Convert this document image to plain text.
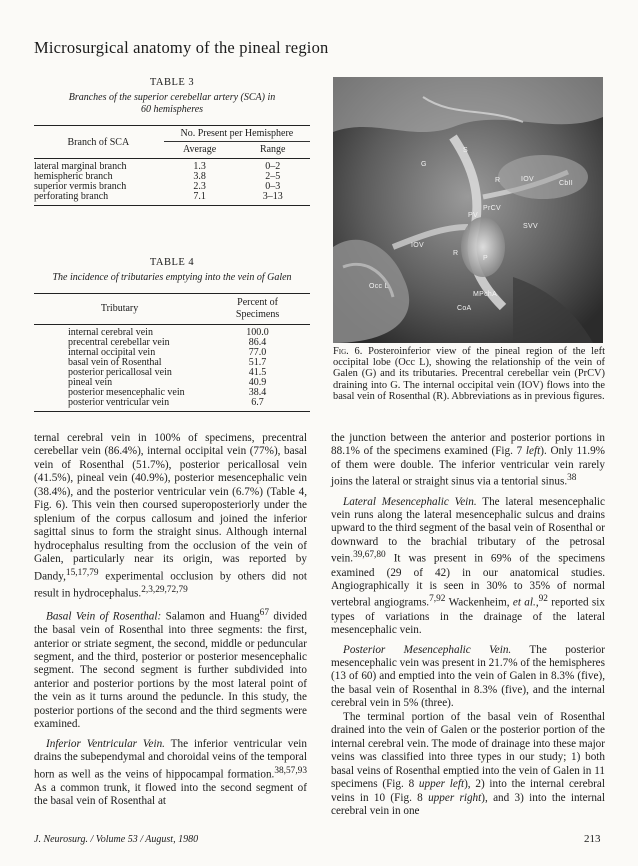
Microsurgical anatomy of the pineal region
TABLE 3
Branches of the superior cerebellar artery (SCA) in
60 hemispheres
Branch of SCA	No. Present per Hemisphere	
	Average	Range
lateral marginal branch	1.3	0–2
hemispheric branch	3.8	2–5
superior vermis branch	2.3	0–3
perforating branch	7.1	3–13
TABLE 4
The incidence of tributaries emptying into the vein of Galen
Tributary	Percent of
Specimens
internal cerebral vein	100.0
precentral cerebellar vein	86.4
internal occipital vein	77.0
basal vein of Rosenthal	51.7
posterior pericallosal vein	41.5
pineal vein	40.9
posterior mesencephalic vein	38.4
posterior ventricular vein	6.7
S
G
R	IOV
CbII
PrCV
PV
SVV
IOV
R
P
Occ L
MPchA
CoA
Fig. 6. Posteroinferior view of the pineal region of the left occipital lobe (Occ L), showing the relationship of the vein of Galen (G) and its tributaries. Precentral cerebellar vein (PrCV) draining into G. The internal occipital vein (IOV) flows into the basal vein of Rosenthal (R). Abbreviations as in previous figures.

ternal cerebral vein in 100% of specimens, precentral cerebellar vein (86.4%), internal occipital vein (77%), basal vein of Rosenthal (51.7%), posterior pericallosal vein (41.5%), pineal vein (40.9%), posterior mesencephalic vein (38.4%), and the posterior ventricular vein (6.7%) (Table 4, Fig. 6). This vein then coursed superoposteriorly under the splenium of the corpus callosum and joined the inferior sagittal sinus to form the straight sinus. Although internal hydrocephalus resulting from the occlusion of the vein of Galen, particularly near its origin, was reported by Dandy,$^{15,17,79}$ experimental occlusion by others did not result in hydrocephalus.$^{2,3,29,72,79}$

Basal Vein of Rosenthal: Salamon and Huang$^{67}$ divided the basal vein of Rosenthal into three segments: the first, anterior or striate segment, the second, middle or peduncular segment, and the third, posterior or posterior mesencephalic segment. The second segment is further subdivided into anterior and posterior portions by the most lateral point of the vein as it turns around the peduncle. In this study, the posterior portions of the second and the third segments were examined.

Inferior Ventricular Vein. The inferior ventricular vein drains the subependymal and choroidal veins of the temporal horn as well as the veins of hippocampal formation.$^{38,57,93}$ As a common trunk, it flowed into the second segment of the basal vein of Rosenthal at

the junction between the anterior and posterior portions in 88.1% of the specimens examined (Fig. 7 left). Only 11.9% of them were double. The inferior ventricular vein rarely joins the lateral or straight sinus via a tentorial sinus.$^{38}$

Lateral Mesencephalic Vein. The lateral mesencephalic vein runs along the lateral mesencephalic sulcus and drains upward to the third segment of the basal vein of Rosenthal or downward to the brachial tributary of the petrosal vein.$^{39,67,80}$ It was present in 69% of the specimens examined (29 of 42) in our anatomical studies. Angiographically it is seen in 30% to 35% of normal vertebral angiograms.$^{7,92}$ Wackenheim, et al.,$^{92}$ reported six types of variations in the drainage of the lateral mesencephalic vein.

Posterior Mesencephalic Vein. The posterior mesencephalic vein was present in 21.7% of the hemispheres (13 of 60) and emptied into the vein of Galen in 8.3% (five), the basal vein of Rosenthal in 8.3% (five), and the internal cerebral vein in 5% (three).

The terminal portion of the basal vein of Rosenthal drained into the vein of Galen or the posterior portion of the internal cerebral vein. The mode of drainage into these major veins was classified into three types in our study; 1) both basal veins of Rosenthal emptied into the vein of Galen in 11 specimens (Fig. 8 upper left), 2) into the internal cerebral veins in 10 (Fig. 8 upper right), and 3) into the internal cerebral vein in one

J. Neurosurg. / Volume 53 / August, 1980	213
